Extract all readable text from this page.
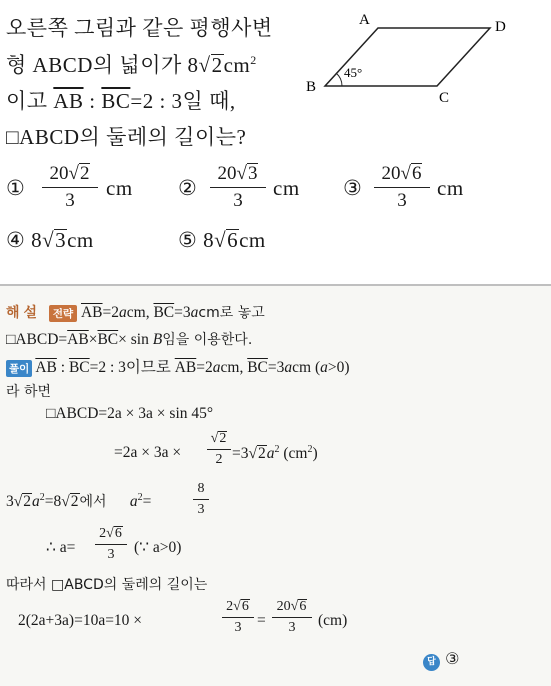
오른쪽 그림과 같은 평행사변
형 ABCD의 넓이가 $8√2cm^2$
이고 $\overline{AB}$ : $\overline{BC}=2$ : 3일 때,
□ABCD의 둘레의 길이는?
A
B
C
D
45°
①
20√2
3
cm ②
20√3
3
cm ③
20√6
3
cm
④ 8√3cm	⑤ 8√6cm
해설 전략 $\overline{AB}=2acm$, $\overline{BC}=3acm$로 놓고
$□ABCD=\overline{AB}\times\overline{BC}\times \sin B$임을 이용한다.
풀이 $\overline{AB}$ : $\overline{BC}=2$ : 3이므로 $\overline{AB}=2acm$, $\overline{BC}=3acm$ (a>0)
라 하면
□ABCD=2a × 3a × sin 45°
=2a × 3a ×
√2
$2 =3√2a^2$ $(cm^2)$
$3√2a^2=8√2$에서 $a^2=$
8
3
∴ a=
2√6
3	(∵ a>0)
따라서 □ABCD의 둘레의 길이는
2(2a+3a)=10a=10 ×
2√6
3	=
20√6
3	(cm)
답 ③
